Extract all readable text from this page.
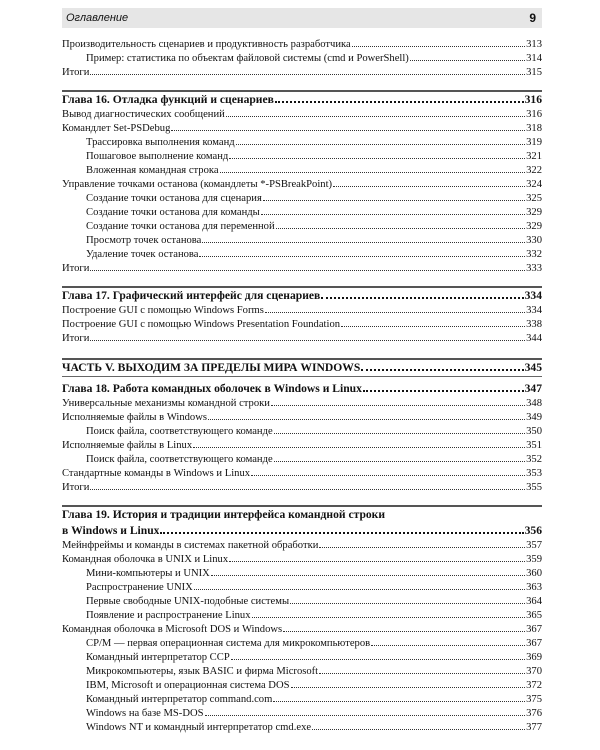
Оглавление	9
Производительность сценариев и продуктивность разработчика	313
Пример: статистика по объектам файловой системы (cmd и PowerShell)	314
Итоги	315
Глава 16. Отладка функций и сценариев	316
Вывод диагностических сообщений	316
Командлет Set-PSDebug	318
Трассировка выполнения команд	319
Пошаговое выполнение команд	321
Вложенная командная строка	322
Управление точками останова (командлеты *-PSBreakPoint)	324
Создание точки останова для сценария	325
Создание точки останова для команды	329
Создание точки останова для переменной	329
Просмотр точек останова	330
Удаление точек останова	332
Итоги	333
Глава 17. Графический интерфейс для сценариев	334
Построение GUI с помощью Windows Forms	334
Построение GUI с помощью Windows Presentation Foundation	338
Итоги	344
ЧАСТЬ V. ВЫХОДИМ ЗА ПРЕДЕЛЫ МИРА WINDOWS	345
Глава 18. Работа командных оболочек в Windows и Linux	347
Универсальные механизмы командной строки	348
Исполняемые файлы в Windows	349
Поиск файла, соответствующего команде	350
Исполняемые файлы в Linux	351
Поиск файла, соответствующего команде	352
Стандартные команды в Windows и Linux	353
Итоги	355
Глава 19. История и традиции интерфейса командной строки
в Windows и Linux	356
Мейнфреймы и команды в системах пакетной обработки	357
Командная оболочка в UNIX и Linux	359
Мини-компьютеры и UNIX	360
Распространение UNIX	363
Первые свободные UNIX-подобные системы	364
Появление и распространение Linux	365
Командная оболочка в Microsoft DOS и Windows	367
CP/M — первая операционная система для микрокомпьютеров	367
Командный интерпретатор CCP	369
Микрокомпьютеры, язык BASIC и фирма Microsoft	370
IBM, Microsoft и операционная система DOS	372
Командный интерпретатор command.com	375
Windows на базе MS-DOS	376
Windows NT и командный интерпретатор cmd.exe	377
